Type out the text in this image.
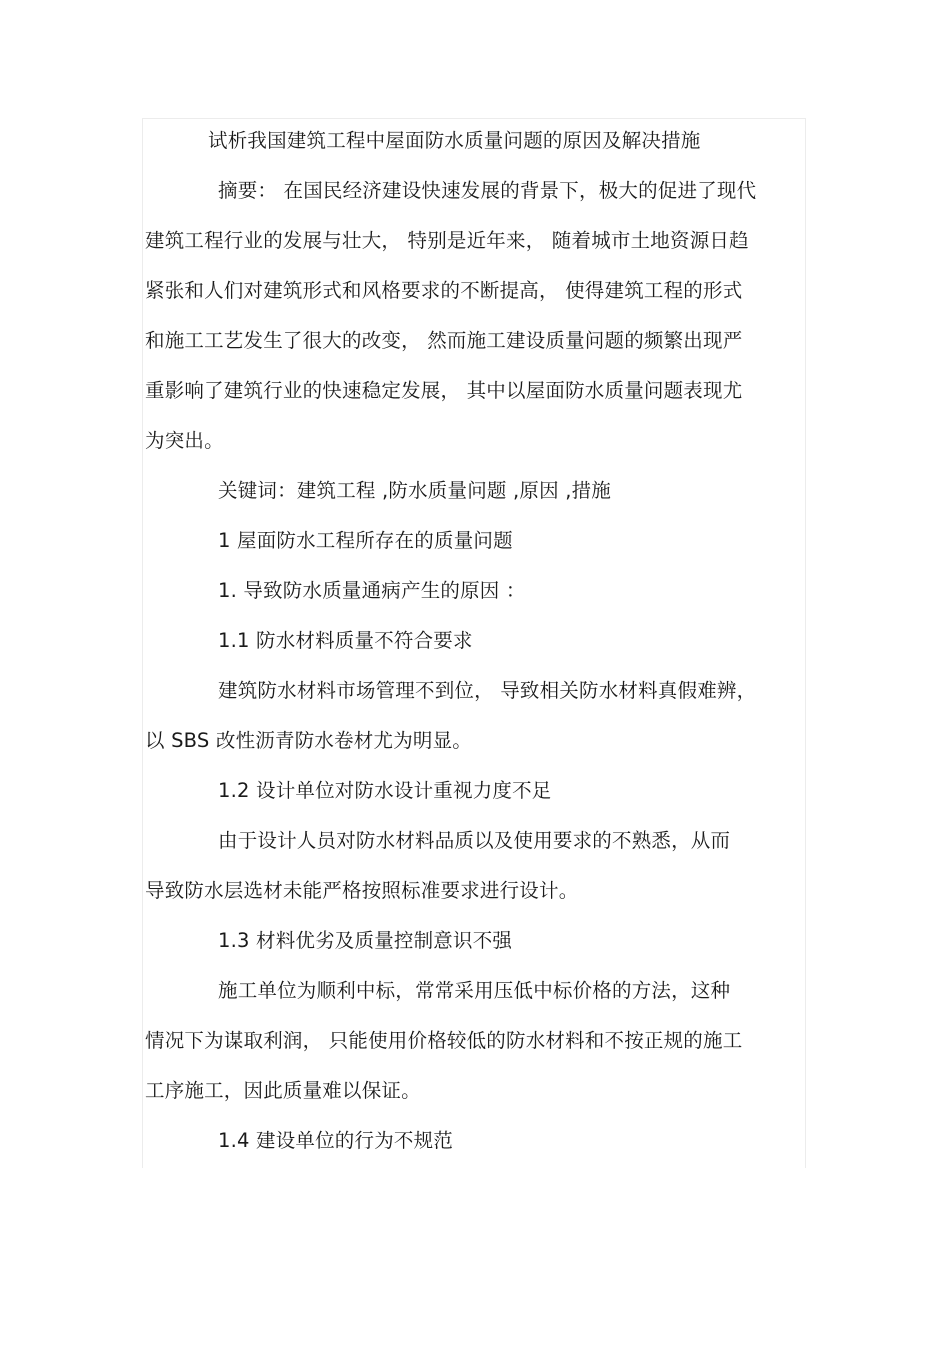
试析我国建筑工程中屋面防水质量问题的原因及解决措施
摘要： 在国民经济建设快速发展的背景下，极大的促进了现代
建筑工程行业的发展与壮大， 特别是近年来， 随着城市土地资源日趋
紧张和人们对建筑形式和风格要求的不断提高， 使得建筑工程的形式
和施工工艺发生了很大的改变， 然而施工建设质量问题的频繁出现严
重影响了建筑行业的快速稳定发展， 其中以屋面防水质量问题表现尤
为突出。
关键词：建筑工程 ,防水质量问题 ,原因 ,措施
1 屋面防水工程所存在的质量问题
1. 导致防水质量通病产生的原因 ：
1.1 防水材料质量不符合要求
建筑防水材料市场管理不到位， 导致相关防水材料真假难辨，
以 SBS 改性沥青防水卷材尤为明显。
1.2 设计单位对防水设计重视力度不足
由于设计人员对防水材料品质以及使用要求的不熟悉，从而
导致防水层选材未能严格按照标准要求进行设计。
1.3 材料优劣及质量控制意识不强
施工单位为顺利中标，常常采用压低中标价格的方法，这种
情况下为谋取利润， 只能使用价格较低的防水材料和不按正规的施工
工序施工，因此质量难以保证。
1.4 建设单位的行为不规范
